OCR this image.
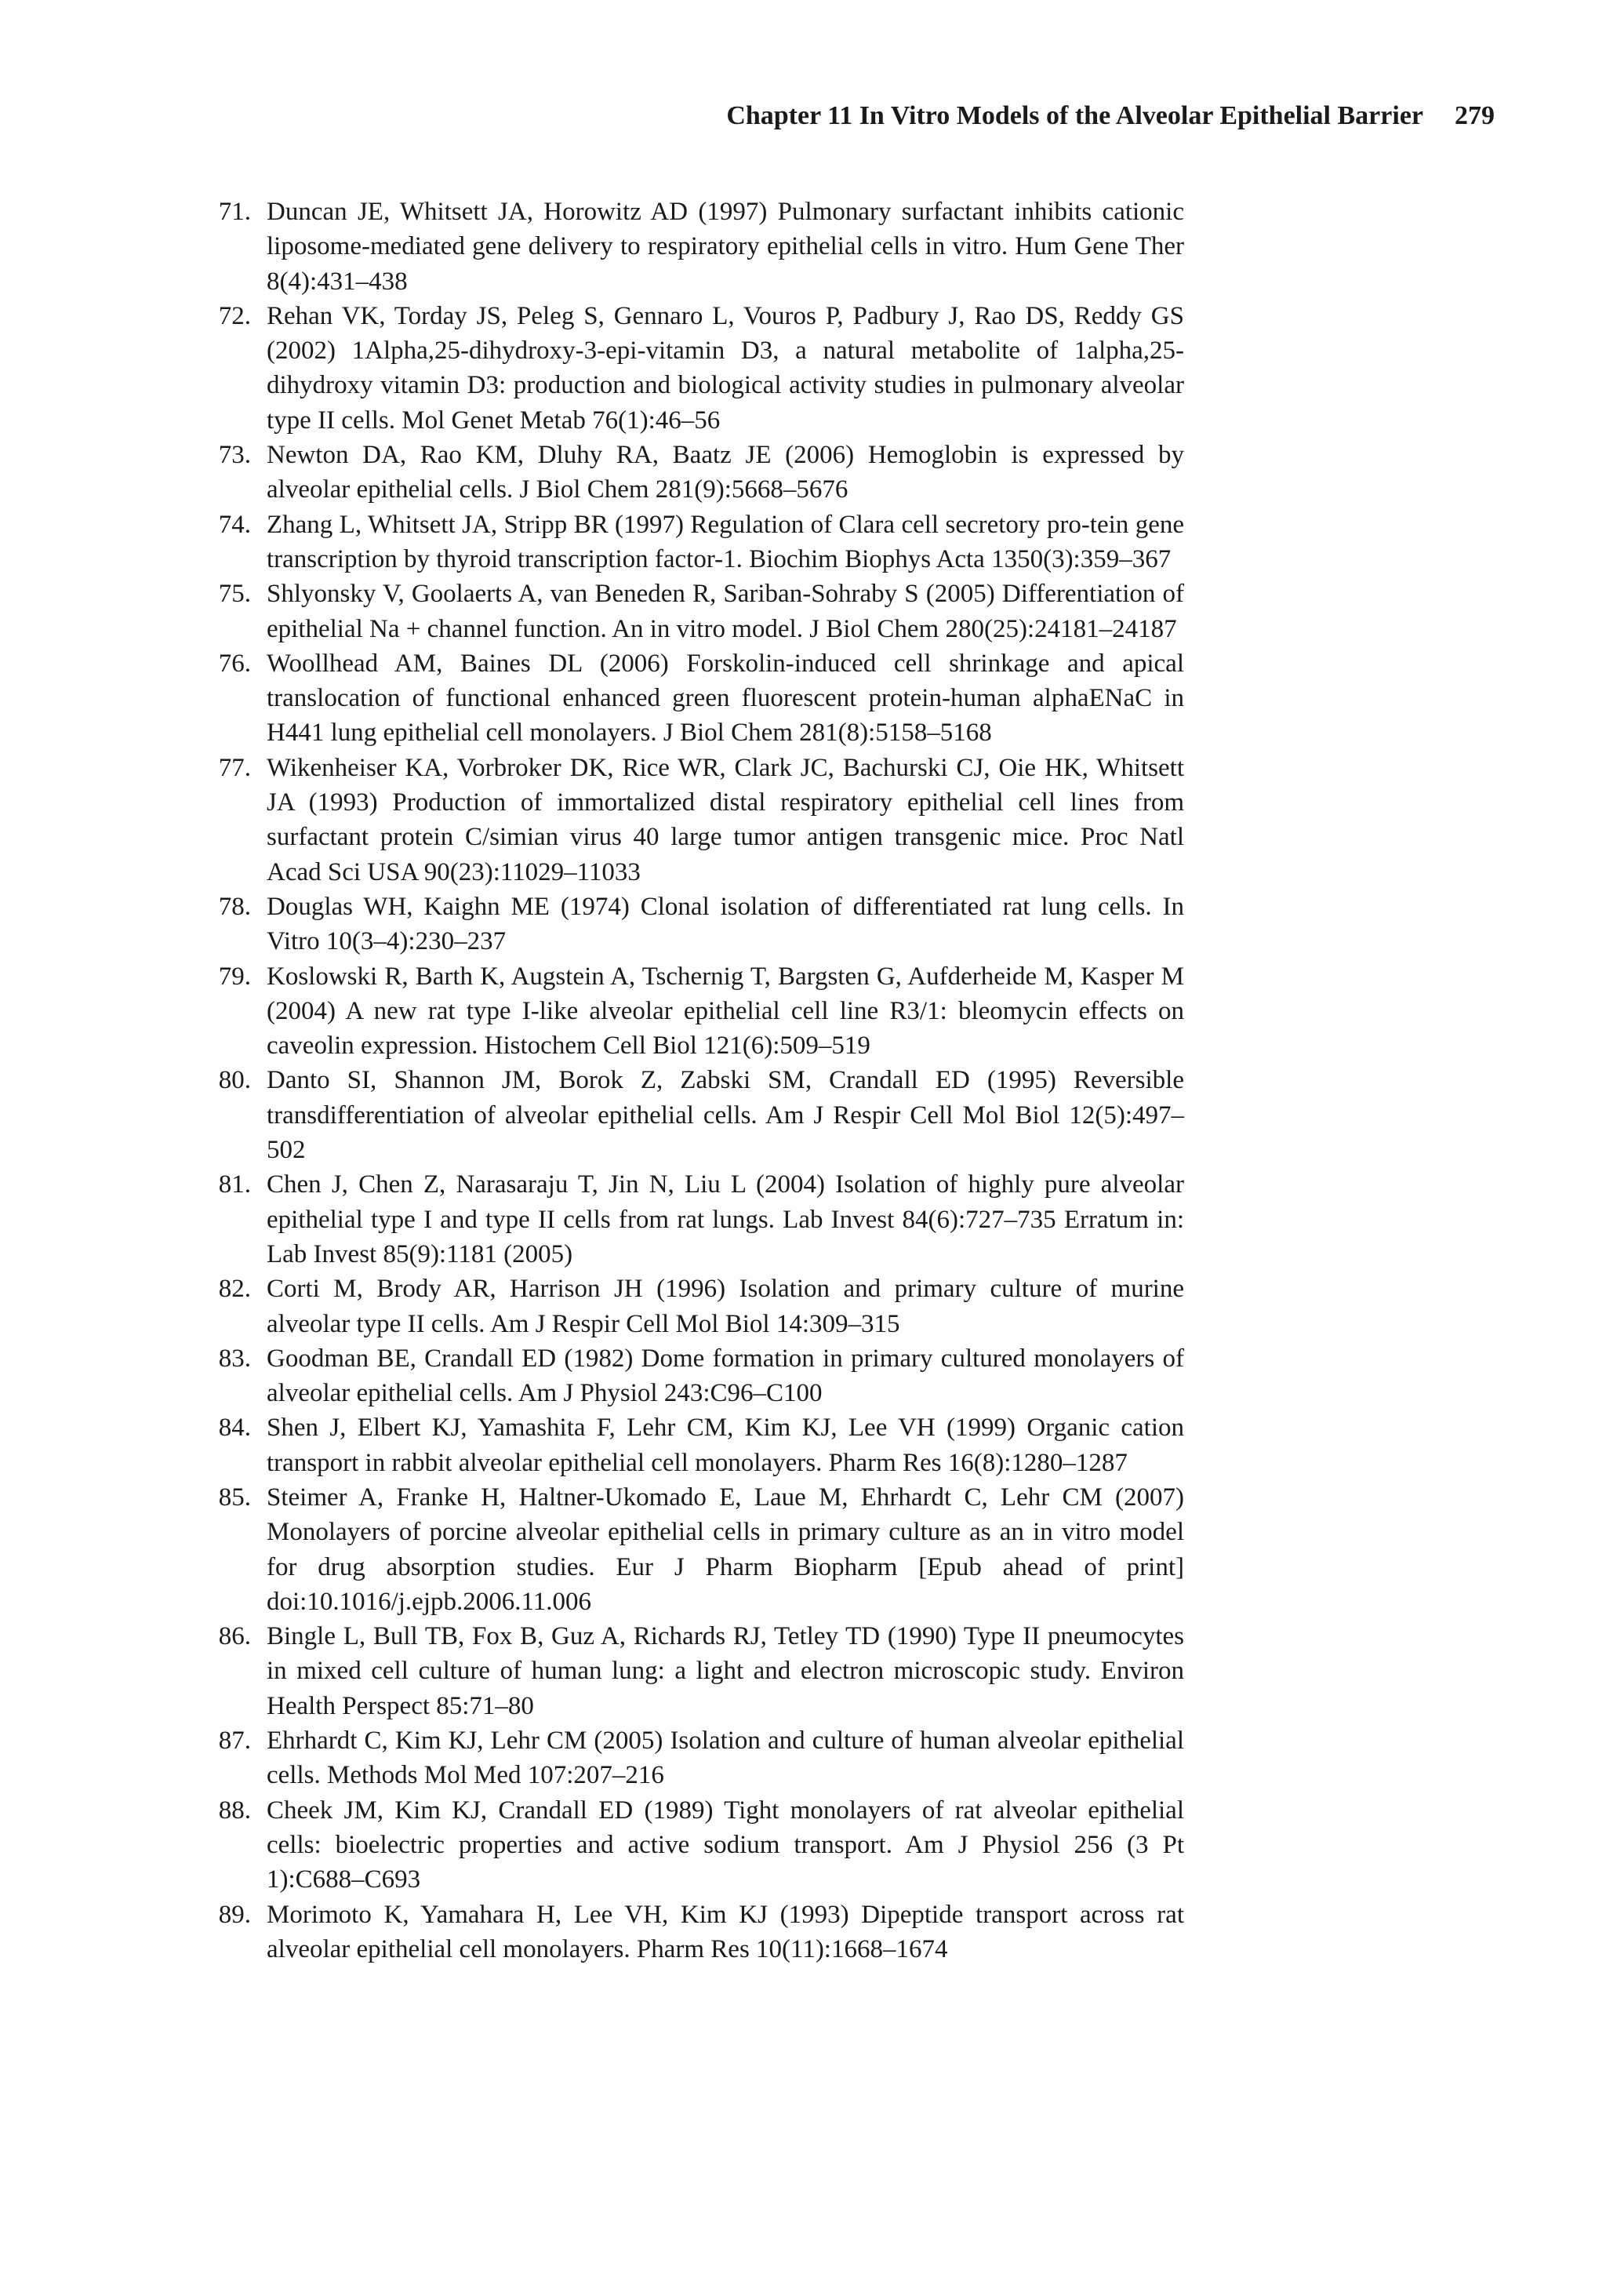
Chapter 11 In Vitro Models of the Alveolar Epithelial Barrier 279
71. Duncan JE, Whitsett JA, Horowitz AD (1997) Pulmonary surfactant inhibits cationic liposome-mediated gene delivery to respiratory epithelial cells in vitro. Hum Gene Ther 8(4):431–438
72. Rehan VK, Torday JS, Peleg S, Gennaro L, Vouros P, Padbury J, Rao DS, Reddy GS (2002) 1Alpha,25-dihydroxy-3-epi-vitamin D3, a natural metabolite of 1alpha,25-dihydroxy vitamin D3: production and biological activity studies in pulmonary alveolar type II cells. Mol Genet Metab 76(1):46–56
73. Newton DA, Rao KM, Dluhy RA, Baatz JE (2006) Hemoglobin is expressed by alveolar epithelial cells. J Biol Chem 281(9):5668–5676
74. Zhang L, Whitsett JA, Stripp BR (1997) Regulation of Clara cell secretory pro-tein gene transcription by thyroid transcription factor-1. Biochim Biophys Acta 1350(3):359–367
75. Shlyonsky V, Goolaerts A, van Beneden R, Sariban-Sohraby S (2005) Differentiation of epithelial Na + channel function. An in vitro model. J Biol Chem 280(25):24181–24187
76. Woollhead AM, Baines DL (2006) Forskolin-induced cell shrinkage and apical translocation of functional enhanced green fluorescent protein-human alphaENaC in H441 lung epithelial cell monolayers. J Biol Chem 281(8):5158–5168
77. Wikenheiser KA, Vorbroker DK, Rice WR, Clark JC, Bachurski CJ, Oie HK, Whitsett JA (1993) Production of immortalized distal respiratory epithelial cell lines from surfactant protein C/simian virus 40 large tumor antigen transgenic mice. Proc Natl Acad Sci USA 90(23):11029–11033
78. Douglas WH, Kaighn ME (1974) Clonal isolation of differentiated rat lung cells. In Vitro 10(3–4):230–237
79. Koslowski R, Barth K, Augstein A, Tschernig T, Bargsten G, Aufderheide M, Kasper M (2004) A new rat type I-like alveolar epithelial cell line R3/1: bleomycin effects on caveolin expression. Histochem Cell Biol 121(6):509–519
80. Danto SI, Shannon JM, Borok Z, Zabski SM, Crandall ED (1995) Reversible transdifferentiation of alveolar epithelial cells. Am J Respir Cell Mol Biol 12(5):497–502
81. Chen J, Chen Z, Narasaraju T, Jin N, Liu L (2004) Isolation of highly pure alveolar epithelial type I and type II cells from rat lungs. Lab Invest 84(6):727–735 Erratum in: Lab Invest 85(9):1181 (2005)
82. Corti M, Brody AR, Harrison JH (1996) Isolation and primary culture of murine alveolar type II cells. Am J Respir Cell Mol Biol 14:309–315
83. Goodman BE, Crandall ED (1982) Dome formation in primary cultured monolayers of alveolar epithelial cells. Am J Physiol 243:C96–C100
84. Shen J, Elbert KJ, Yamashita F, Lehr CM, Kim KJ, Lee VH (1999) Organic cation transport in rabbit alveolar epithelial cell monolayers. Pharm Res 16(8):1280–1287
85. Steimer A, Franke H, Haltner-Ukomado E, Laue M, Ehrhardt C, Lehr CM (2007) Monolayers of porcine alveolar epithelial cells in primary culture as an in vitro model for drug absorption studies. Eur J Pharm Biopharm [Epub ahead of print] doi:10.1016/j.ejpb.2006.11.006
86. Bingle L, Bull TB, Fox B, Guz A, Richards RJ, Tetley TD (1990) Type II pneumocytes in mixed cell culture of human lung: a light and electron microscopic study. Environ Health Perspect 85:71–80
87. Ehrhardt C, Kim KJ, Lehr CM (2005) Isolation and culture of human alveolar epithelial cells. Methods Mol Med 107:207–216
88. Cheek JM, Kim KJ, Crandall ED (1989) Tight monolayers of rat alveolar epithelial cells: bioelectric properties and active sodium transport. Am J Physiol 256 (3 Pt 1):C688–C693
89. Morimoto K, Yamahara H, Lee VH, Kim KJ (1993) Dipeptide transport across rat alveolar epithelial cell monolayers. Pharm Res 10(11):1668–1674
